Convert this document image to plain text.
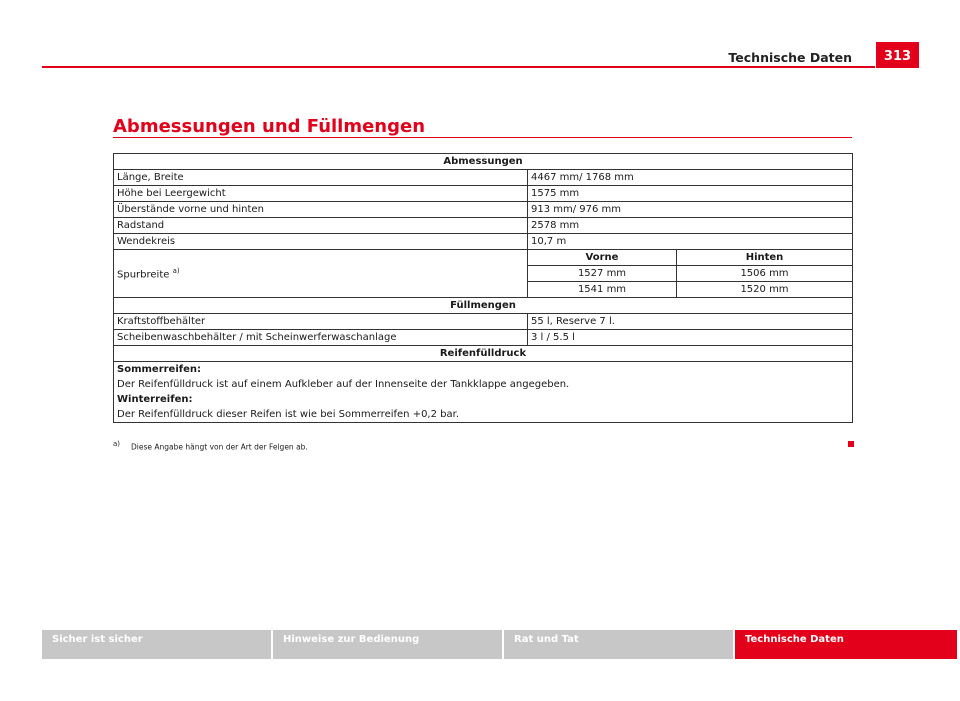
Technische Daten	313
Abmessungen und Füllmengen
Abmessungen		
Länge, Breite	4467 mm/ 1768 mm	
Höhe bei Leergewicht	1575 mm	
Überstände vorne und hinten	913 mm/ 976 mm	
Radstand	2578 mm	
Wendekreis	10,7 m	
Spurbreite $^{a)}$	Vorne	Hinten
	1527 mm	1506 mm
	1541 mm	1520 mm
Füllmengen		
Kraftstoffbehälter	55 l, Reserve 7 l.	
Scheibenwaschbehälter / mit Scheinwerferwaschanlage	3 l / 5.5 l	
Reifenfülldruck		

Sommerreifen:
Der Reifenfülldruck ist auf einem Aufkleber auf der Innenseite der Tankklappe angegeben.
Winterreifen:
Der Reifenfülldruck dieser Reifen ist wie bei Sommerreifen +0,2 bar.		
$^{a)}$ Diese Angabe hängt von der Art der Felgen ab.
Sicher ist sicher	Hinweise zur Bedienung	Rat und Tat	Technische Daten
